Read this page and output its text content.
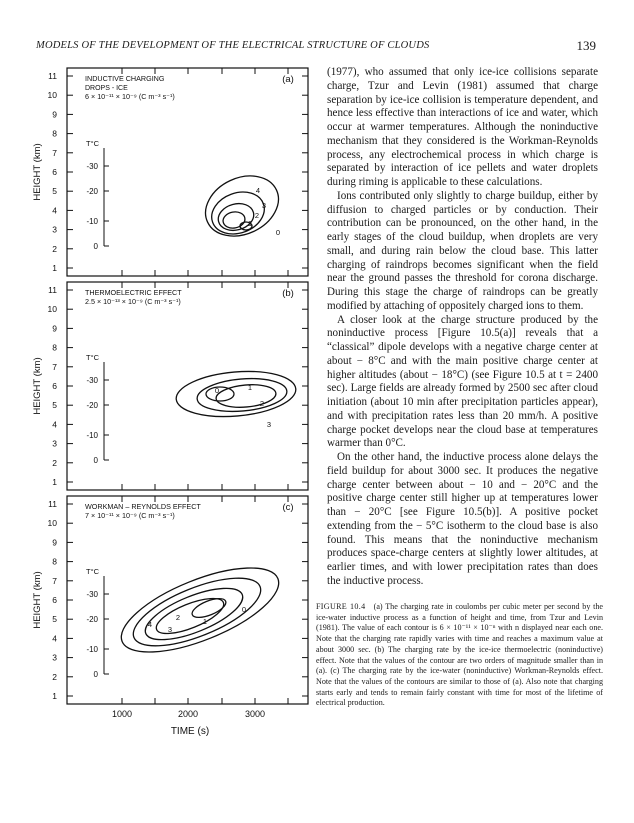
MODELS OF THE DEVELOPMENT OF THE ELECTRICAL STRUCTURE OF CLOUDS	139
1
2
3
4
5
6
7
8
9
10
11
T°C
0
-10
-20
-30
INDUCTIVE CHARGING
DROPS - ICE
6 × 10⁻¹¹ × 10⁻⁹ (C m⁻³ s⁻¹)
(a)
HEIGHT (km)	4
3
2
1
0
1
2
3
4
5
6
7
8
9
10
11
T°C
0
-10
-20
-30
THERMOELECTRIC EFFECT
2.5 × 10⁻¹³ × 10⁻⁹ (C m⁻³ s⁻¹)
(b)
HEIGHT (km)	0	1
2
3
1
2
3
4
5
6
7
8
9
10
11
T°C
0
-10
-20
-30
WORKMAN – REYNOLDS EFFECT
7 × 10⁻¹¹ × 10⁻⁹ (C m⁻³ s⁻¹)
(c)
HEIGHT (km)	2	1
0
4
3
1000	2000	3000
TIME (s)

(1977), who assumed that only ice-ice collisions separate charge, Tzur and Levin (1981) assumed that charge separation by ice-ice collision is temperature dependent, and hence less effective than interactions of ice and water, which occur at warmer temperatures. Although the noninductive mechanism that they considered is the Workman-Reynolds process, any electrochemical process in which charge is separated by interaction of ice pellets and water droplets during riming is applicable to these calculations.

Ions contributed only slightly to charge buildup, either by diffusion to charged particles or by conduction. Their contribution can be pronounced, on the other hand, in the early stages of the cloud buildup, when droplets are very small, and during rain below the cloud base. This latter charging of raindrops becomes significant when the field near the ground passes the threshold for corona discharge. During this stage the charge of raindrops can be greatly modified by attaching of oppositely charged ions to them.

A closer look at the charge structure produced by the noninductive process [Figure 10.5(a)] reveals that a “classical” dipole develops with a negative charge center at about − 8°C and with the main positive charge center at higher altitudes (about − 18°C) (see Figure 10.5 at t = 2400 sec). Large fields are already formed by 2500 sec after cloud initiation (about 10 min after precipitation particles appear), and with precipitation rates less than 20 mm/h. A positive charge pocket develops near the cloud base at temperatures warmer than 0°C.

On the other hand, the inductive process alone delays the field buildup for about 3000 sec. It produces the negative charge center between about − 10 and − 20°C and the positive charge center still higher up at temperatures lower than − 20°C [see Figure 10.5(b)]. A positive pocket extending from the − 5°C isotherm to the cloud base is also found. This means that the noninductive mechanism produces space-charge centers at slightly lower altitudes, at earlier times, and with lower precipitation rates than does the inductive process.

FIGURE 10.4 (a) The charging rate in coulombs per cubic meter per second by the ice-water inductive process as a function of height and time, from Tzur and Levin (1981). The value of each contour is 6 × 10⁻¹¹ × 10⁻ⁿ with n displayed near each one. Note that the charging rate rapidly varies with time and reaches a maximum value at about 3000 sec. (b) The charging rate by the ice-ice thermoelectric (noninductive) effect. Note that the values of the contour are two orders of magnitude smaller than in (a). (c) The charging rate by the ice-water (noninductive) Workman-Reynolds effect. Note that the values of the contours are similar to those of (a). Also note that charging starts early and tends to remain fairly constant with time for most of the lifetime of electrical production.
